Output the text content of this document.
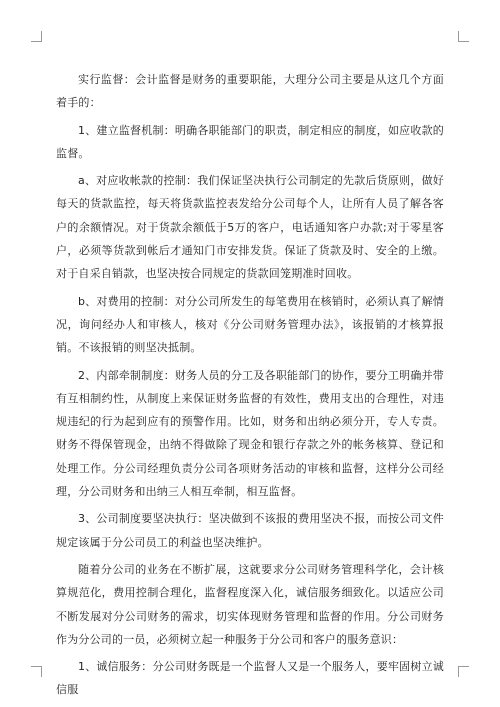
实行监督：会计监督是财务的重要职能，大理分公司主要是从这几个方面着手的：

1、建立监督机制：明确各职能部门的职责，制定相应的制度，如应收款的监督。

a、对应收帐款的控制：我们保证坚决执行公司制定的先款后货原则，做好每天的货款监控，每天将货款监控表发给分公司每个人，让所有人员了解各客户的余额情况。对于货款余额低于5万的客户，电话通知客户办款;对于零星客户，必须等货款到帐后才通知门市安排发货。保证了货款及时、安全的上缴。对于自采自销款，也坚决按合同规定的货款回笼期准时回收。

b、对费用的控制：对分公司所发生的每笔费用在核销时，必须认真了解情况，询问经办人和审核人，核对《分公司财务管理办法》，该报销的才核算报销。不该报销的则坚决抵制。

2、内部牵制制度：财务人员的分工及各职能部门的协作，要分工明确并带有互相制约性，从制度上来保证财务监督的有效性，费用支出的合理性，对违规违纪的行为起到应有的预警作用。比如，财务和出纳必须分开，专人专责。财务不得保管现金，出纳不得做除了现金和银行存款之外的帐务核算、登记和处理工作。分公司经理负责分公司各项财务活动的审核和监督，这样分公司经理，分公司财务和出纳三人相互牵制，相互监督。

3、公司制度要坚决执行：坚决做到不该报的费用坚决不报，而按公司文件规定该属于分公司员工的利益也坚决维护。

随着分公司的业务在不断扩展，这就要求分公司财务管理科学化，会计核算规范化，费用控制合理化，监督程度深入化，诚信服务细致化。以适应公司不断发展对分公司财务的需求，切实体现财务管理和监督的作用。分公司财务作为分公司的一员，必须树立起一种服务于分公司和客户的服务意识：

1、诚信服务：分公司财务既是一个监督人又是一个服务人，要牢固树立诚信服
